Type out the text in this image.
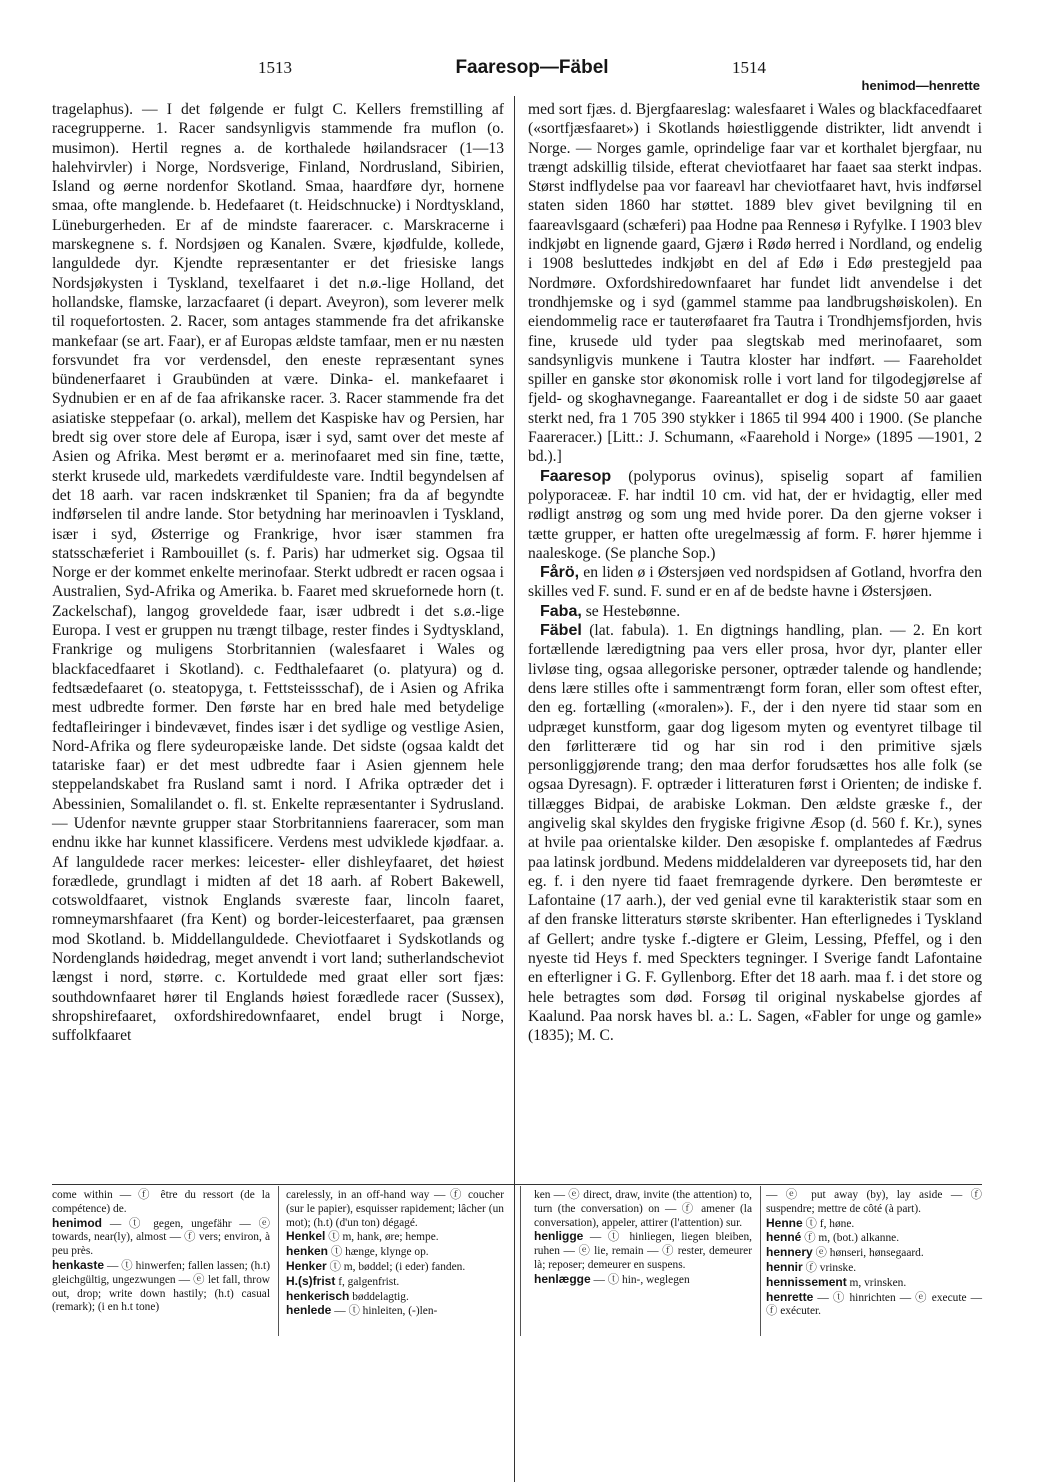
1513	Faaresop—Fäbel	1514
henimod—henrette

tragelaphus). — I det følgende er fulgt C. Kellers fremstilling af racegrupperne. 1. Racer sandsynligvis stammende fra muflon (o. musimon). Hertil regnes a. de korthalede høilandsracer (1—13 halehvirvler) i Norge, Nordsverige, Finland, Nordrusland, Sibirien, Island og øerne nordenfor Skotland. Smaa, haardføre dyr, hornene smaa, ofte manglende. b. Hedefaaret (t. Heidschnucke) i Nordtyskland, Lüneburgerheden. Er af de mindste faareracer. c. Marskracerne i marskegnene s. f. Nordsjøen og Kanalen. Svære, kjødfulde, kollede, languldede dyr. Kjendte repræsentanter er det friesiske langs Nordsjøkysten i Tyskland, texelfaaret i det n.ø.-lige Holland, det hollandske, flamske, larzacfaaret (i depart. Aveyron), som leverer melk til roquefortosten. 2. Racer, som antages stammende fra det afrikanske mankefaar (se art. Faar), er af Europas ældste tamfaar, men er nu næsten forsvundet fra vor verdensdel, den eneste repræsentant synes bündenerfaaret i Graubünden at være. Dinka- el. mankefaaret i Sydnubien er en af de faa afrikanske racer. 3. Racer stammende fra det asiatiske steppefaar (o. arkal), mellem det Kaspiske hav og Persien, har bredt sig over store dele af Europa, især i syd, samt over det meste af Asien og Afrika. Mest berømt er a. merinofaaret med sin fine, tætte, sterkt krusede uld, markedets værdifuldeste vare. Indtil begyndelsen af det 18 aarh. var racen indskrænket til Spanien; fra da af begyndte indførselen til andre lande. Stor betydning har merinoavlen i Tyskland, især i syd, Østerrige og Frankrige, hvor især stammen fra statsschæferiet i Rambouillet (s. f. Paris) har udmerket sig. Ogsaa til Norge er der kommet enkelte merinofaar. Sterkt udbredt er racen ogsaa i Australien, Syd-Afrika og Amerika. b. Faaret med skruefornede horn (t. Zackelschaf), langog groveldede faar, især udbredt i det s.ø.-lige Europa. I vest er gruppen nu trængt tilbage, rester findes i Sydtyskland, Frankrige og muligens Storbritannien (walesfaaret i Wales og blackfacedfaaret i Skotland). c. Fedthalefaaret (o. platyura) og d. fedtsædefaaret (o. steatopyga, t. Fettsteissschaf), de i Asien og Afrika mest udbredte former. Den første har en bred hale med betydelige fedtafleiringer i bindevævet, findes især i det sydlige og vestlige Asien, Nord-Afrika og flere sydeuropæiske lande. Det sidste (ogsaa kaldt det tatariske faar) er det mest udbredte faar i Asien gjennem hele steppelandskabet fra Rusland samt i nord. I Afrika optræder det i Abessinien, Somalilandet o. fl. st. Enkelte repræsentanter i Sydrusland. — Udenfor nævnte grupper staar Storbritanniens faareracer, som man endnu ikke har kunnet klassificere. Verdens mest udviklede kjødfaar. a. Af languldede racer merkes: leicester- eller dishleyfaaret, det høiest forædlede, grundlagt i midten af det 18 aarh. af Robert Bakewell, cotswoldfaaret, vistnok Englands sværeste faar, lincoln faaret, romneymarshfaaret (fra Kent) og border-leicesterfaaret, paa grænsen mod Skotland. b. Middellanguldede. Cheviotfaaret i Sydskotlands og Nordenglands høidedrag, meget anvendt i vort land; sutherlandscheviot længst i nord, større. c. Kortuldede med graat eller sort fjæs: southdownfaaret hører til Englands høiest forædlede racer (Sussex), shropshirefaaret, oxfordshiredownfaaret, endel brugt i Norge, suffolkfaaret

med sort fjæs. d. Bjergfaareslag: walesfaaret i Wales og blackfacedfaaret («sortfjæsfaaret») i Skotlands høiestliggende distrikter, lidt anvendt i Norge. — Norges gamle, oprindelige faar var et korthalet bjergfaar, nu trængt adskillig tilside, efterat cheviotfaaret har faaet saa sterkt indpas. Størst indflydelse paa vor faareavl har cheviotfaaret havt, hvis indførsel staten siden 1860 har støttet. 1889 blev givet bevilgning til en faareavlsgaard (schæferi) paa Hodne paa Rennesø i Ryfylke. I 1903 blev indkjøbt en lignende gaard, Gjærø i Rødø herred i Nordland, og endelig i 1908 besluttedes indkjøbt en del af Edø i Edø prestegjeld paa Nordmøre. Oxfordshiredownfaaret har fundet lidt anvendelse i det trondhjemske og i syd (gammel stamme paa landbrugshøiskolen). En eiendommelig race er tauterøfaaret fra Tautra i Trondhjemsfjorden, hvis fine, krusede uld tyder paa slegtskab med merinofaaret, som sandsynligvis munkene i Tautra kloster har indført. — Faareholdet spiller en ganske stor økonomisk rolle i vort land for tilgodegjørelse af fjeld- og skoghavnegange. Faareantallet er dog i de sidste 50 aar gaaet sterkt ned, fra 1 705 390 stykker i 1865 til 994 400 i 1900. (Se planche Faareracer.) [Litt.: J. Schumann, «Faarehold i Norge» (1895 —1901, 2 bd.).]

Faaresop (polyporus ovinus), spiselig sopart af familien polyporaceæ. F. har indtil 10 cm. vid hat, der er hvidagtig, eller med rødligt anstrøg og som ung med hvide porer. Da den gjerne vokser i tætte grupper, er hatten ofte uregelmæssig af form. F. hører hjemme i naaleskoge. (Se planche Sop.)

Fårö, en liden ø i Østersjøen ved nordspidsen af Gotland, hvorfra den skilles ved F. sund. F. sund er en af de bedste havne i Østersjøen.

Faba, se Hestebønne.

Fäbel (lat. fabula). 1. En digtnings handling, plan. — 2. En kort fortællende læredigtning paa vers eller prosa, hvor dyr, planter eller livløse ting, ogsaa allegoriske personer, optræder talende og handlende; dens lære stilles ofte i sammentrængt form foran, eller som oftest efter, den eg. fortælling («moralen»). F., der i den nyere tid staar som en udpræget kunstform, gaar dog ligesom myten og eventyret tilbage til den førlitterære tid og har sin rod i den primitive sjæls personliggjørende trang; den maa derfor forudsættes hos alle folk (se ogsaa Dyresagn). F. optræder i litteraturen først i Orienten; de indiske f. tillægges Bidpai, de arabiske Lokman. Den ældste græske f., der angivelig skal skyldes den frygiske frigivne Æsop (d. 560 f. Kr.), synes at hvile paa orientalske kilder. Den æsopiske f. omplantedes af Fædrus paa latinsk jordbund. Medens middelalderen var dyreeposets tid, har den eg. f. i den nyere tid faaet fremragende dyrkere. Den berømteste er Lafontaine (17 aarh.), der ved genial evne til karakteristik staar som en af den franske litteraturs største skribenter. Han efterlignedes i Tyskland af Gellert; andre tyske f.-digtere er Gleim, Lessing, Pfeffel, og i den nyeste tid Heys f. med Speckters tegninger. I Sverige fandt Lafontaine en efterligner i G. F. Gyllenborg. Efter det 18 aarh. maa f. i det store og hele betragtes som død. Forsøg til original nyskabelse gjordes af Kaalund. Paa norsk haves bl. a.: L. Sagen, «Fabler for unge og gamle» (1835); M. C.

come within — ⓕ être du ressort (de la compétence) de.

henimod — ⓣ gegen, ungefähr — ⓔ towards, near(ly), almost — ⓕ vers; environ, à peu près.

henkaste — ⓣ hinwerfen; fallen lassen; (h.t) gleichgültig, ungezwungen — ⓔ let fall, throw out, drop; write down hastily; (h.t) casual (remark); (i en h.t tone)

carelessly, in an off-hand way — ⓕ coucher (sur le papier), esquisser rapidement; lâcher (un mot); (h.t) (d'un ton) dégagé.

Henkel ⓣ m, hank, øre; hempe.

henken ⓣ hænge, klynge op.

Henker ⓣ m, bøddel; (i eder) fanden.

H.(s)frist f, galgenfrist.

henkerisch bøddelagtig.

henlede — ⓣ hinleiten, (-)len-

ken — ⓔ direct, draw, invite (the attention) to, turn (the conversation) on — ⓕ amener (la conversation), appeler, attirer (l'attention) sur.

henligge — ⓣ hinliegen, liegen bleiben, ruhen — ⓔ lie, remain — ⓕ rester, demeurer là; reposer; demeurer en suspens.

henlægge — ⓣ hin-, weglegen

— ⓔ put away (by), lay aside — ⓕ suspendre; mettre de côté (à part).

Henne ⓣ f, høne.

henné ⓕ m, (bot.) alkanne.

hennery ⓔ hønseri, hønsegaard.

hennir ⓕ vrinske.

hennissement m, vrinsken.

henrette — ⓣ hinrichten — ⓔ execute — ⓕ exécuter.
